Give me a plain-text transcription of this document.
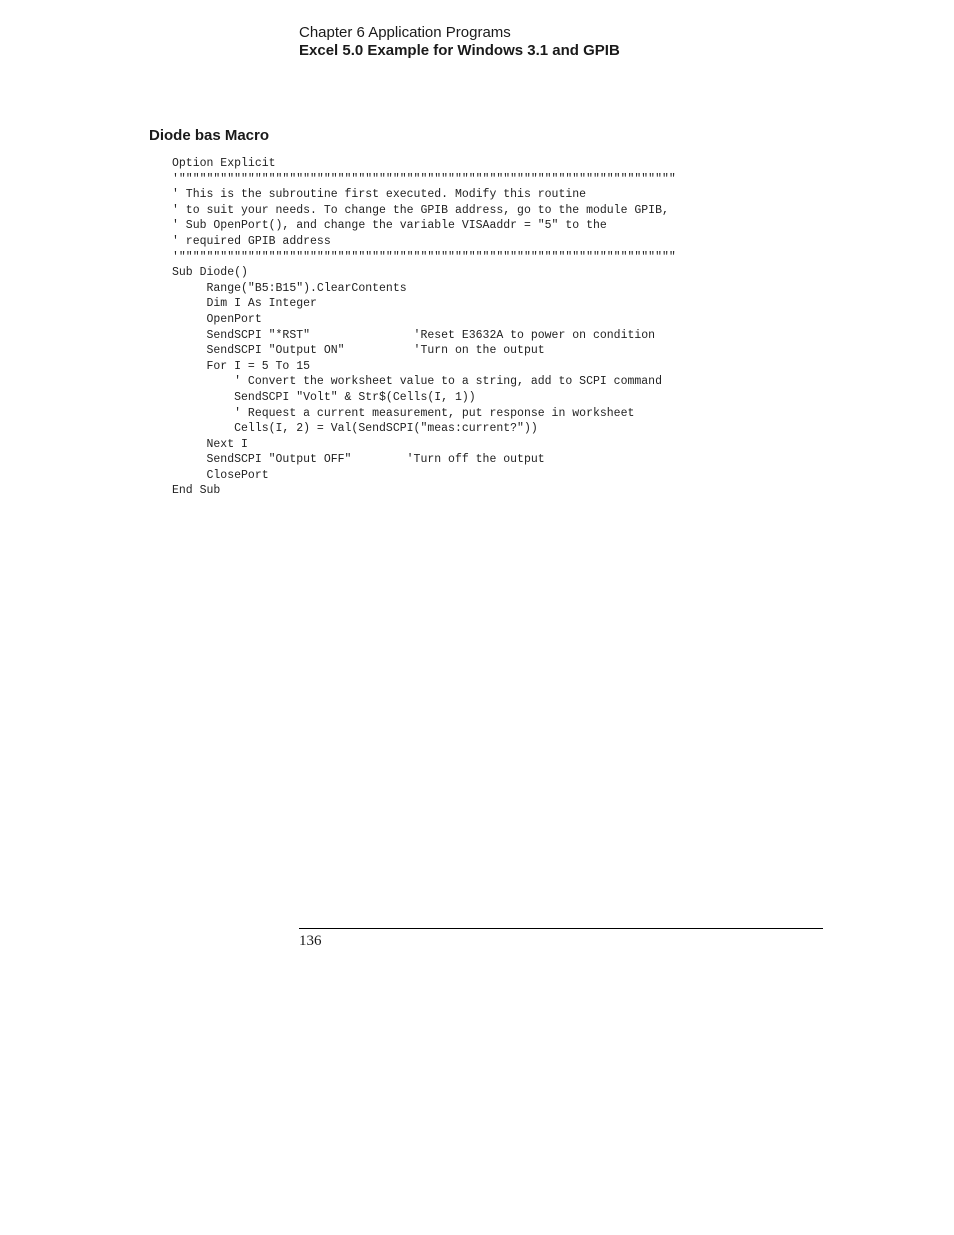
Chapter 6 Application Programs
Excel 5.0 Example for Windows 3.1 and GPIB
Diode bas Macro
Option Explicit
'""""""""""""""""""""""""""""""""""""""""""""""""""""""""""""""""""""""""
' This is the subroutine first executed. Modify this routine
' to suit your needs. To change the GPIB address, go to the module GPIB,
' Sub OpenPort(), and change the variable VISAaddr = "5" to the
' required GPIB address
'""""""""""""""""""""""""""""""""""""""""""""""""""""""""""""""""""""""""
Sub Diode()
Range("B5:B15").ClearContents
Dim I As Integer
OpenPort
SendSCPI "*RST"               'Reset E3632A to power on condition
SendSCPI "Output ON"          'Turn on the output
For I = 5 To 15
' Convert the worksheet value to a string, add to SCPI command
SendSCPI "Volt" & Str$(Cells(I, 1))
' Request a current measurement, put response in worksheet
Cells(I, 2) = Val(SendSCPI("meas:current?"))
Next I
SendSCPI "Output OFF"        'Turn off the output
ClosePort
End Sub
136
